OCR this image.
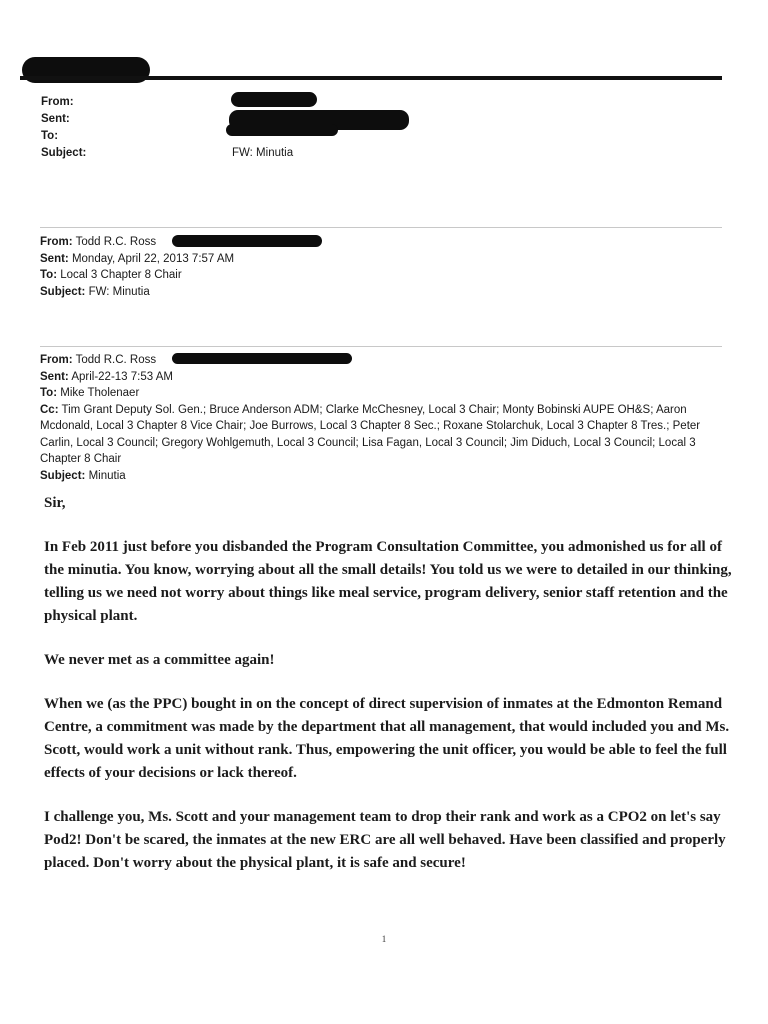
From:
Sent:
To:
Subject:	FW: Minutia
From: Todd R.C. Ross
Sent: Monday, April 22, 2013 7:57 AM
To: Local 3 Chapter 8 Chair
Subject: FW: Minutia
From: Todd R.C. Ross
Sent: April-22-13 7:53 AM
To: Mike Tholenaer
Cc: Tim Grant Deputy Sol. Gen.; Bruce Anderson ADM; Clarke McChesney, Local 3 Chair; Monty Bobinski AUPE OH&S; Aaron Mcdonald, Local 3 Chapter 8 Vice Chair; Joe Burrows, Local 3 Chapter 8 Sec.; Roxane Stolarchuk, Local 3 Chapter 8 Tres.; Peter Carlin, Local 3 Council; Gregory Wohlgemuth, Local 3 Council; Lisa Fagan, Local 3 Council; Jim Diduch, Local 3 Council; Local 3 Chapter 8 Chair
Subject: Minutia

Sir,

In Feb 2011 just before you disbanded the Program Consultation Committee, you admonished us for all of the minutia. You know, worrying about all the small details! You told us we were to detailed in our thinking, telling us we need not worry about things like meal service, program delivery, senior staff retention and the physical plant.

We never met as a committee again!

When we (as the PPC) bought in on the concept of direct supervision of inmates at the Edmonton Remand Centre, a commitment was made by the department that all management, that would included you and Ms. Scott, would work a unit without rank. Thus, empowering the unit officer, you would be able to feel the full effects of your decisions or lack thereof.

I challenge you, Ms. Scott and your management team to drop their rank and work as a CPO2 on let's say Pod2! Don't be scared, the inmates at the new ERC are all well behaved. Have been classified and properly placed. Don't worry about the physical plant, it is safe and secure!

1
